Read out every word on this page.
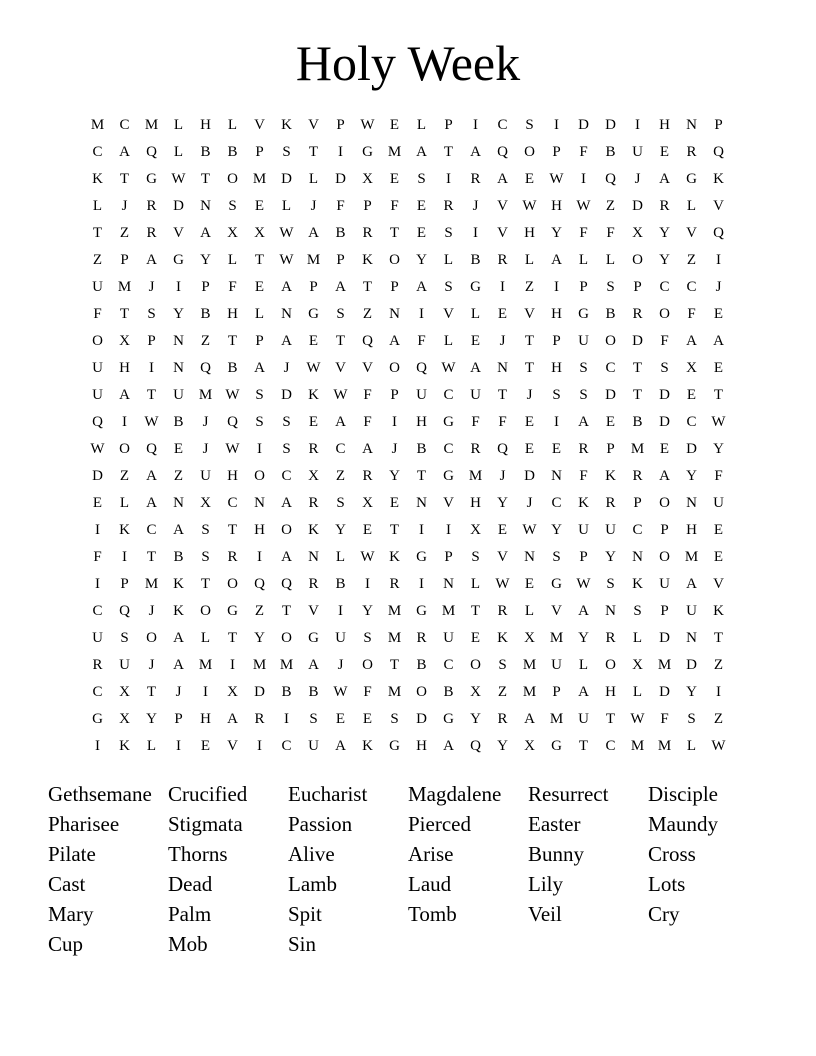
Holy Week
M	C	M	L	H	L	V	K	V	P	W	E	L	P	I	C	S	I	D	D	I	H	N	P
C	A	Q	L	B	B	P	S	T	I	G M A	T	A	Q	O	P	F	B	U	E	R	Q
K	T	G W	T	O M D	L	D	X	E	S	I	R	A	E	W	I	Q	J	A	G	K
L	J	R	D	N	S	E	L	J	F	P	F	E	R	J	V W H W	Z	D	R	L	V
T	Z	R	V	A	X	X W A	B	R	T	E	S	I	V	H	Y	F	F	X	Y	V	Q
Z	P	A	G	Y	L	T	W M	P	K	O	Y	L	B	R	L	A	L	L	O	Y	Z	I
U M	J	I	P	F	E	A	P	A	T	P	A	S	G	I	Z	I	P	S	P	C	C	J
F	T	S	Y	B	H	L	N	G	S	Z	N	I	V	L	E	V	H	G	B	R	O	F	E
O	X	P	N	Z	T	P	A	E	T	Q	A	F	L	E	J	T	P	U	O	D	F	A	A
U	H	I	N	Q	B	A	J	W V	V	O	Q W A	N	T	H	S	C	T	S	X	E
U	A	T	U M W	S	D	K W	F	P	U	C	U	T	J	S	S	D	T	D	E	T
Q	I	W B	J	Q	S	S	E	A	F	I	H	G	F	F	E	I	A	E	B	D	C W
W O	Q	E	J	W	I	S	R	C	A	J	B	C	R	Q	E	E	R	P	M	E	D	Y
D	Z	A	Z	U	H	O	C	X	Z	R	Y	T	G M	J	D	N	F	K	R	A	Y	F
E	L	A	N	X	C	N	A	R	S	X	E	N	V	H	Y	J	C	K	R	P	O	N	U
I	K	C	A	S	T	H	O	K	Y	E	T	I	I	X	E	W Y	U	U	C	P	H	E
F	I	T	B	S	R	I	A	N	L	W K	G	P	S	V	N	S	P	Y	N	O M	E
I	P	M K	T	O	Q	Q	R	B	I	R	I	N	L	W	E	G W	S	K	U	A	V
C	Q	J	K	O	G	Z	T	V	I	Y M G M	T	R	L	V	A	N	S	P	U	K
U	S	O	A	L	T	Y	O	G	U	S	M	R	U	E	K	X M Y	R	L	D	N	T
R	U	J	A M	I	M M A	J	O	T	B	C	O	S	M U	L	O	X M D	Z
C	X	T	J	I	X	D	B	B W	F	M O	B	X	Z	M	P	A	H	L	D	Y	I
G	X	Y	P	H	A	R	I	S	E	E	S	D	G	Y	R	A M U	T	W	F	S	Z
I	K	L	I	E	V	I	C	U	A	K	G	H	A	Q	Y	X	G	T	C	M M	L	W
Gethsemane Crucified	Eucharist	Magdalene	Resurrect	Disciple
Pharisee	Stigmata	Passion	Pierced	Easter	Maundy
Pilate	Thorns	Alive	Arise	Bunny	Cross
Cast	Dead	Lamb	Laud	Lily	Lots
Mary	Palm	Spit	Tomb	Veil	Cry
Cup	Mob	Sin
